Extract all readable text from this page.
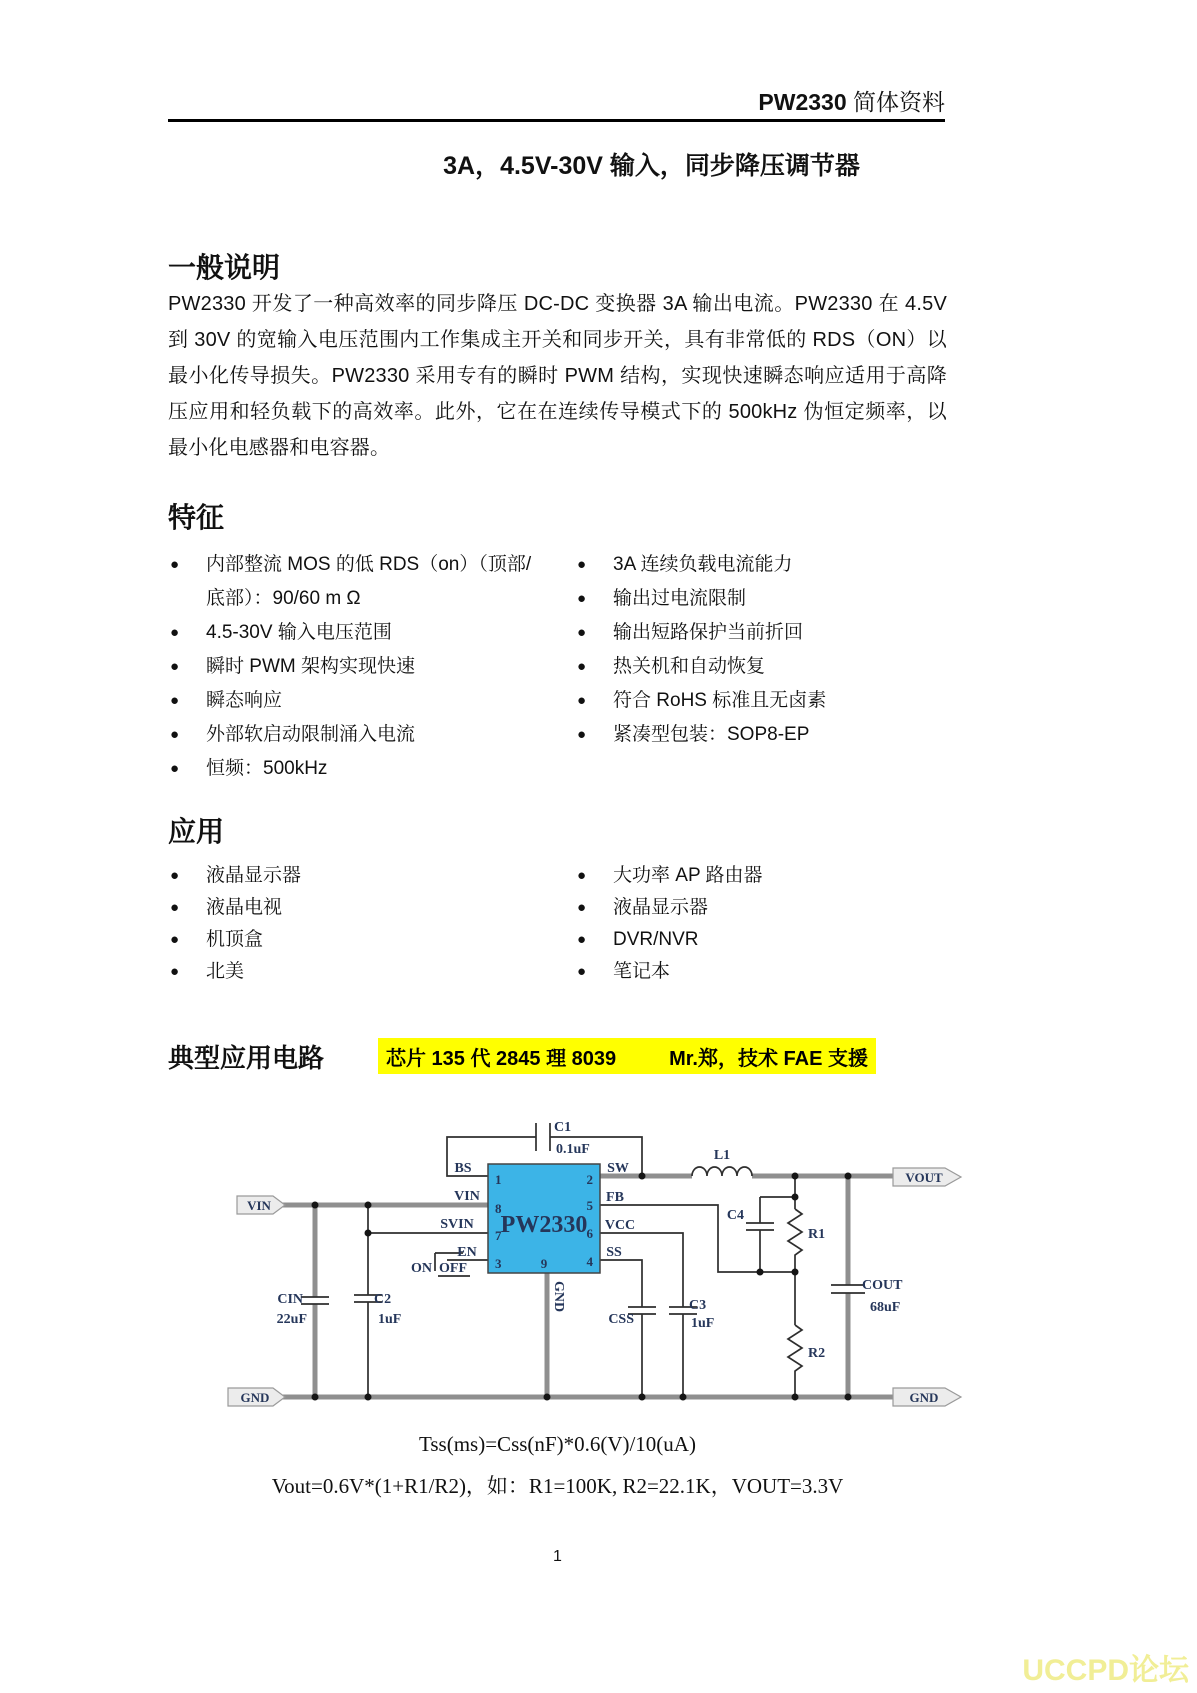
PW2330 简体资料
3A，4.5V-30V 输入，同步降压调节器
一般说明
PW2330 开发了一种高效率的同步降压 DC-DC 变换器 3A 输出电流。PW2330 在 4.5V 到 30V 的宽输入电压范围内工作集成主开关和同步开关，具有非常低的 RDS（ON）以最小化传导损失。PW2330 采用专有的瞬时 PWM 结构，实现快速瞬态响应适用于高降压应用和轻负载下的高效率。此外，它在在连续传导模式下的 500kHz 伪恒定频率，以最小化电感器和电容器。
特征
● 内部整流 MOS 的低 RDS（on）（顶部/底部）：90/60 m Ω
● 4.5-30V 输入电压范围
● 瞬时 PWM 架构实现快速
● 瞬态响应
● 外部软启动限制涌入电流
● 恒频：500kHz
● 3A 连续负载电流能力
● 输出过电流限制
● 输出短路保护当前折回
● 热关机和自动恢复
● 符合 RoHS 标准且无卤素
● 紧凑型包装：SOP8-EP
应用
● 液晶显示器
● 液晶电视
● 机顶盒
● 北美
● 大功率 AP 路由器
● 液晶显示器
● DVR/NVR
● 笔记本
典型应用电路	芯片 135 代 2845 理 8039	Mr.郑，技术 FAE 支援
VIN
VOUT
GND	GND
PW2330
1	2
8	5
7	6
3	4
9
BS
VIN
SVIN
EN
SW
FB
VCC
SS
GND
ON OFF
C1
0.1uF	L1
C4
R1
R2
COUT
68uF
CIN
22uF
C2
1uF	CSS
C3
1uF
Tss(ms)=Css(nF)*0.6(V)/10(uA)
Vout=0.6V*(1+R1/R2)，如：R1=100K, R2=22.1K，VOUT=3.3V
1
UCCPD论坛
